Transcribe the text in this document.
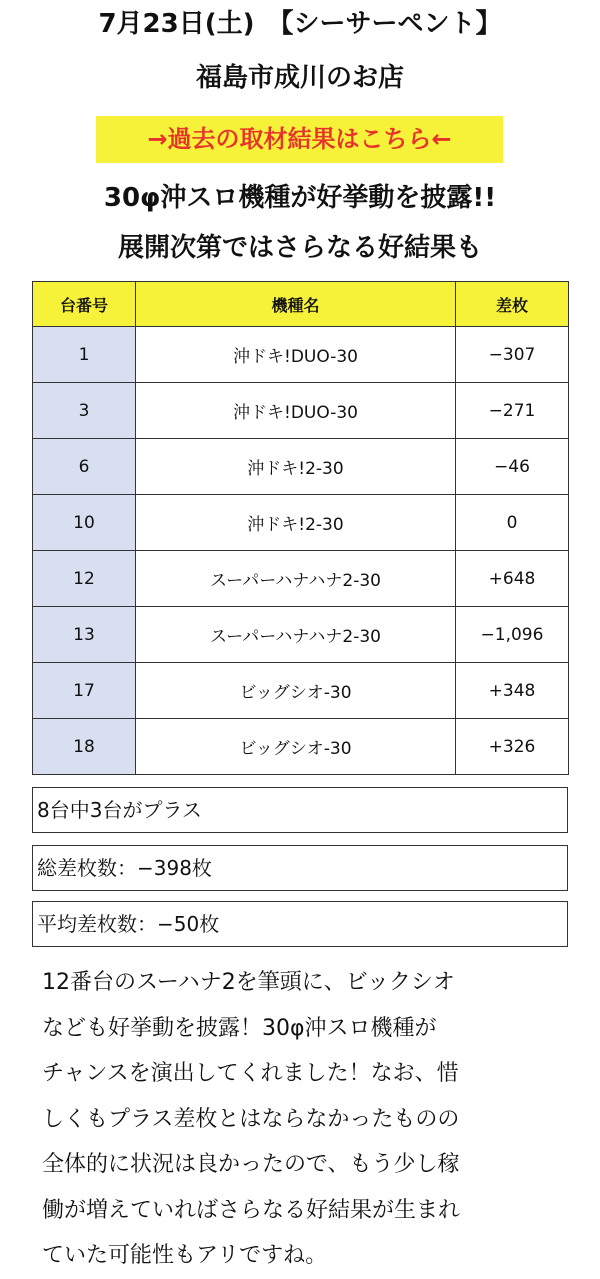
7月23日(土)　【シーサーペント】
福島市成川のお店
→過去の取材結果はこちら←
30φ沖スロ機種が好挙動を披露!!
展開次第ではさらなる好結果も
台番号	機種名	差枚
1	沖ドキ!DUO-30	−307
3	沖ドキ!DUO-30	−271
6	沖ドキ!2-30	−46
10	沖ドキ!2-30	0
12	スーパーハナハナ2-30	+648
13	スーパーハナハナ2-30	−1,096
17	ビッグシオ-30	+348
18	ビッグシオ-30	+326
8台中3台がプラス
総差枚数：−398枚
平均差枚数：−50枚

12番台のスーハナ2を筆頭に、ビックシオ
なども好挙動を披露！30φ沖スロ機種が
チャンスを演出してくれました！なお、惜
しくもプラス差枚とはならなかったものの
全体的に状況は良かったので、もう少し稼
働が増えていればさらなる好結果が生まれ
ていた可能性もアリですね。
